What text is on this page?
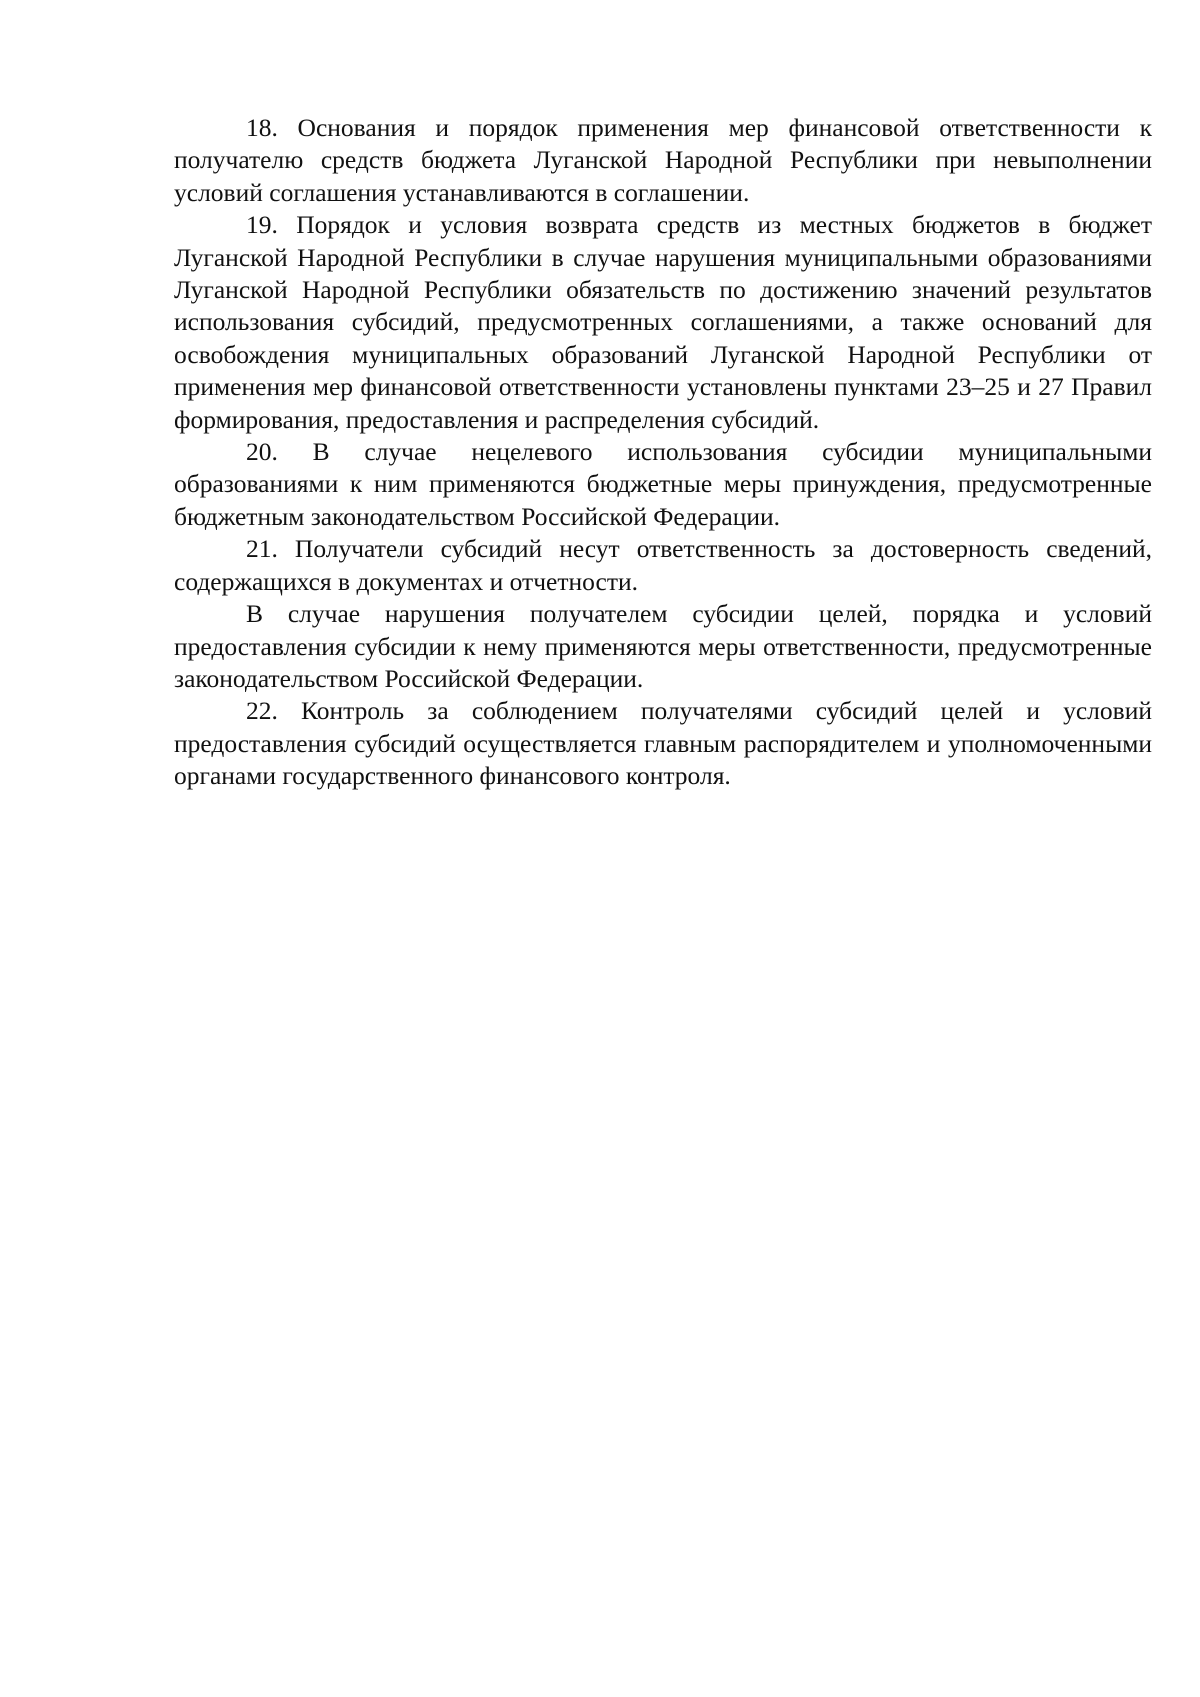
18. Основания и порядок применения мер финансовой ответственности к получателю средств бюджета Луганской Народной Республики при невыполнении условий соглашения устанавливаются в соглашении.

19. Порядок и условия возврата средств из местных бюджетов в бюджет Луганской Народной Республики в случае нарушения муниципальными образованиями Луганской Народной Республики обязательств по достижению значений результатов использования субсидий, предусмотренных соглашениями, а также оснований для освобождения муниципальных образований Луганской Народной Республики от применения мер финансовой ответственности установлены пунктами 23–25 и 27 Правил формирования, предоставления и распределения субсидий.

20. В случае нецелевого использования субсидии муниципальными образованиями к ним применяются бюджетные меры принуждения, предусмотренные бюджетным законодательством Российской Федерации.

21. Получатели субсидий несут ответственность за достоверность сведений, содержащихся в документах и отчетности.

В случае нарушения получателем субсидии целей, порядка и условий предоставления субсидии к нему применяются меры ответственности, предусмотренные законодательством Российской Федерации.

22. Контроль за соблюдением получателями субсидий целей и условий предоставления субсидий осуществляется главным распорядителем и уполномоченными органами государственного финансового контроля.
